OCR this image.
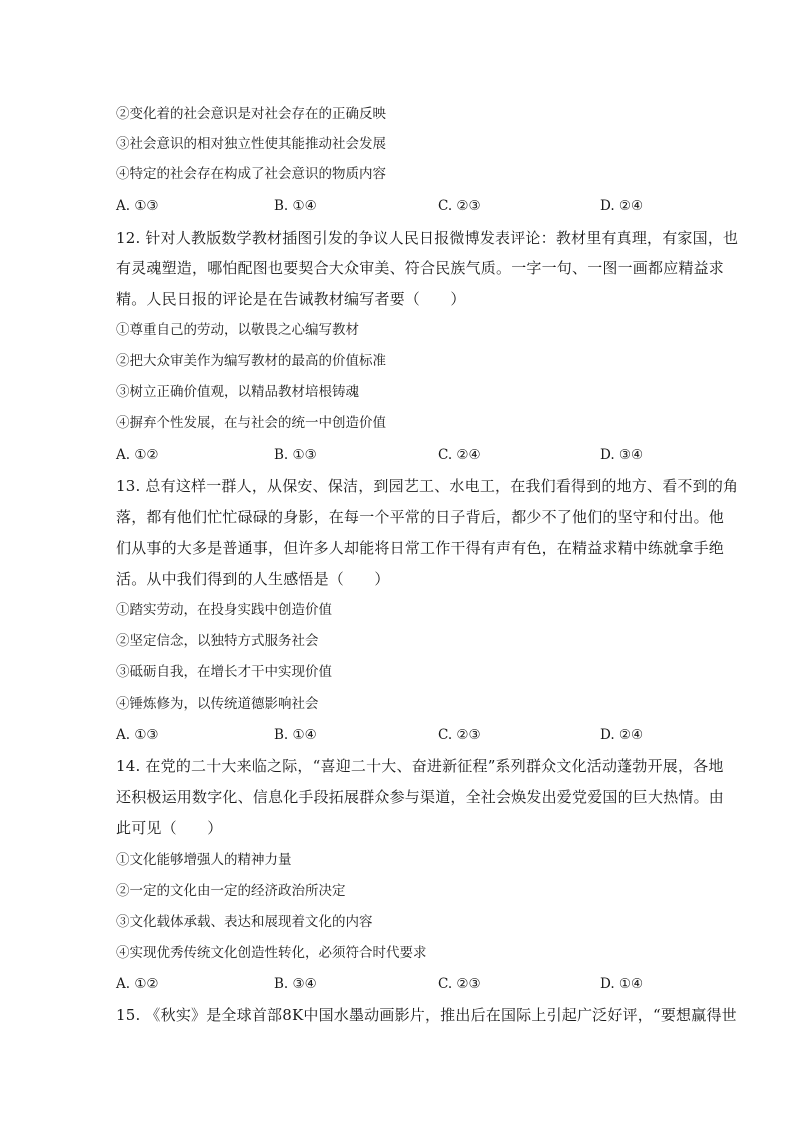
②变化着的社会意识是对社会存在的正确反映
③社会意识的相对独立性使其能推动社会发展
④特定的社会存在构成了社会意识的物质内容
A. ①③	B. ①④	C. ②③	D. ②④
12. 针对人教版数学教材插图引发的争议人民日报微博发表评论：教材里有真理，有家国，也
有灵魂塑造，哪怕配图也要契合大众审美、符合民族气质。一字一句、一图一画都应精益求
精。人民日报的评论是在告诫教材编写者要（　　）
①尊重自己的劳动，以敬畏之心编写教材
②把大众审美作为编写教材的最高的价值标准
③树立正确价值观，以精品教材培根铸魂
④摒弃个性发展，在与社会的统一中创造价值
A. ①②	B. ①③	C. ②④	D. ③④
13. 总有这样一群人，从保安、保洁，到园艺工、水电工，在我们看得到的地方、看不到的角
落，都有他们忙忙碌碌的身影，在每一个平常的日子背后，都少不了他们的坚守和付出。他
们从事的大多是普通事，但许多人却能将日常工作干得有声有色，在精益求精中练就拿手绝
活。从中我们得到的人生感悟是（　　）
①踏实劳动，在投身实践中创造价值
②坚定信念，以独特方式服务社会
③砥砺自我，在增长才干中实现价值
④锤炼修为，以传统道德影响社会
A. ①③	B. ①④	C. ②③	D. ②④
14. 在党的二十大来临之际，“喜迎二十大、奋进新征程”系列群众文化活动蓬勃开展，各地
还积极运用数字化、信息化手段拓展群众参与渠道，全社会焕发出爱党爱国的巨大热情。由
此可见（　　）
①文化能够增强人的精神力量
②一定的文化由一定的经济政治所决定
③文化载体承载、表达和展现着文化的内容
④实现优秀传统文化创造性转化，必须符合时代要求
A. ①②	B. ③④	C. ②③	D. ①④
15. 《秋实》是全球首部8K中国水墨动画影片，推出后在国际上引起广泛好评，“要想赢得世
